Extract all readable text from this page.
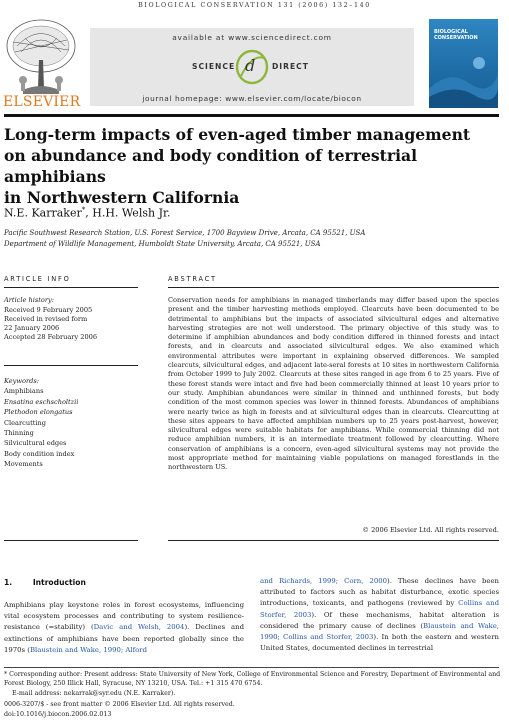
BIOLOGICAL CONSERVATION 131 (2006) 132–140
ELSEVIER
available at www.sciencedirect.com
SCIENCE d DIRECT
journal homepage: www.elsevier.com/locate/biocon
BIOLOGICAL
CONSERVATION
Long-term impacts of even-aged timber management
on abundance and body condition of terrestrial amphibians
in Northwestern California
N.E. Karraker*, H.H. Welsh Jr.
Pacific Southwest Research Station, U.S. Forest Service, 1700 Bayview Drive, Arcata, CA 95521, USA
Department of Wildlife Management, Humboldt State University, Arcata, CA 95521, USA
ARTICLE INFO	ABSTRACT
Article history:
Received 9 February 2005
Received in revised form
22 January 2006
Accepted 28 February 2006
Keywords:
Amphibians
Ensatina eschscholtzii
Plethodon elongatus
Clearcutting
Thinning
Silvicultural edges
Body condition index
Movements
Conservation needs for amphibians in managed timberlands may differ based upon the species present and the timber harvesting methods employed. Clearcuts have been documented to be detrimental to amphibians but the impacts of associated silvicultural edges and alternative harvesting strategies are not well understood. The primary objective of this study was to determine if amphibian abundances and body condition differed in thinned forests and intact forests, and in clearcuts and associated silvicultural edges. We also examined which environmental attributes were important in explaining observed differences. We sampled clearcuts, silvicultural edges, and adjacent late-seral forests at 10 sites in northwestern California from October 1999 to July 2002. Clearcuts at these sites ranged in age from 6 to 25 years. Five of these forest stands were intact and five had been commercially thinned at least 10 years prior to our study. Amphibian abundances were similar in thinned and unthinned forests, but body condition of the most common species was lower in thinned forests. Abundances of amphibians were nearly twice as high in forests and at silvicultural edges than in clearcuts. Clearcutting at these sites appears to have affected amphibian numbers up to 25 years post-harvest, however, silvicultural edges were suitable habitats for amphibians. While commercial thinning did not reduce amphibian numbers, it is an intermediate treatment followed by clearcutting. Where conservation of amphibians is a concern, even-aged silvicultural systems may not provide the most appropriate method for maintaining viable populations on managed forestlands in the northwestern US.
© 2006 Elsevier Ltd. All rights reserved.
1.	Introduction
Amphibians play keystone roles in forest ecosystems, influencing vital ecosystem processes and contributing to system resilience-resistance (=stability) (Davic and Welsh, 2004). Declines and extinctions of amphibians have been reported globally since the 1970s (Blaustein and Wake, 1990; Alford
and Richards, 1999; Corn, 2000). These declines have been attributed to factors such as habitat disturbance, exotic species introductions, toxicants, and pathogens (reviewed by Collins and Storfer, 2003). Of these mechanisms, habitat alteration is considered the primary cause of declines (Blaustein and Wake, 1990; Collins and Storfer, 2003). In both the eastern and western United States, documented declines in terrestrial
* Corresponding author: Present address: State University of New York, College of Environmental Science and Forestry, Department of Environmental and Forest Biology, 250 Illick Hall, Syracuse, NY 13210, USA. Tel.: +1 315 470 6754.
E-mail address: nekarrak@syr.edu (N.E. Karraker).
0006-3207/$ - see front matter © 2006 Elsevier Ltd. All rights reserved.
doi:10.1016/j.biocon.2006.02.013
